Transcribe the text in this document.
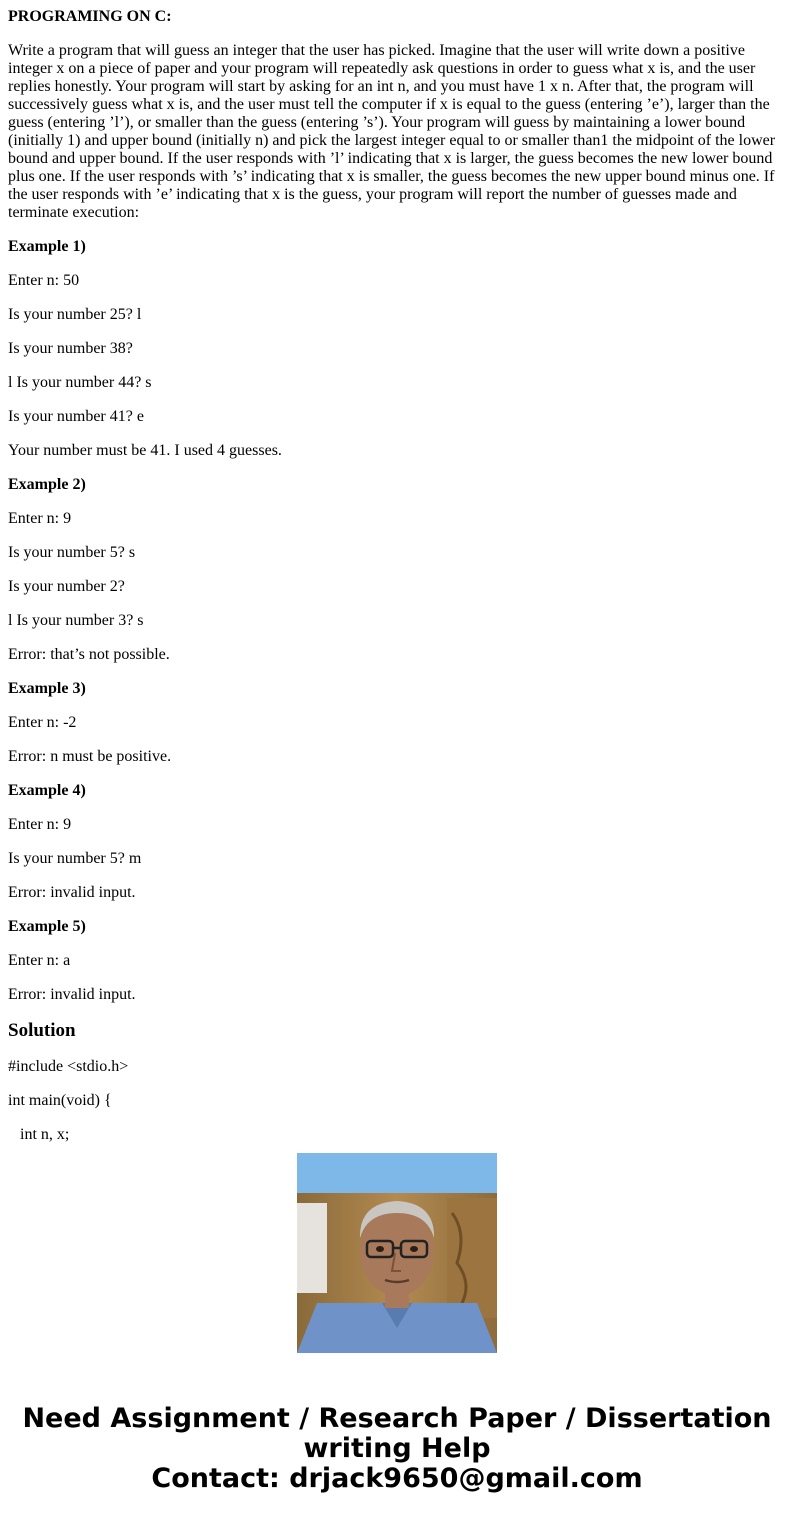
PROGRAMING ON C:

Write a program that will guess an integer that the user has picked. Imagine that the user will write down a positive integer x on a piece of paper and your program will repeatedly ask questions in order to guess what x is, and the user replies honestly. Your program will start by asking for an int n, and you must have 1 x n. After that, the program will successively guess what x is, and the user must tell the computer if x is equal to the guess (entering ’e’), larger than the guess (entering ’l’), or smaller than the guess (entering ’s’). Your program will guess by maintaining a lower bound (initially 1) and upper bound (initially n) and pick the largest integer equal to or smaller than1 the midpoint of the lower bound and upper bound. If the user responds with ’l’ indicating that x is larger, the guess becomes the new lower bound plus one. If the user responds with ’s’ indicating that x is smaller, the guess becomes the new upper bound minus one. If the user responds with ’e’ indicating that x is the guess, your program will report the number of guesses made and terminate execution:

Example 1)

Enter n: 50

Is your number 25? l

Is your number 38?

l Is your number 44? s

Is your number 41? e

Your number must be 41. I used 4 guesses.

Example 2)

Enter n: 9

Is your number 5? s

Is your number 2?

l Is your number 3? s

Error: that’s not possible.

Example 3)

Enter n: -2

Error: n must be positive.

Example 4)

Enter n: 9

Is your number 5? m

Error: invalid input.

Example 5)

Enter n: a

Error: invalid input.

Solution

#include <stdio.h>

int main(void) {

int n, x;

Need Assignment / Research Paper / Dissertation
writing Help
Contact: drjack9650@gmail.com
